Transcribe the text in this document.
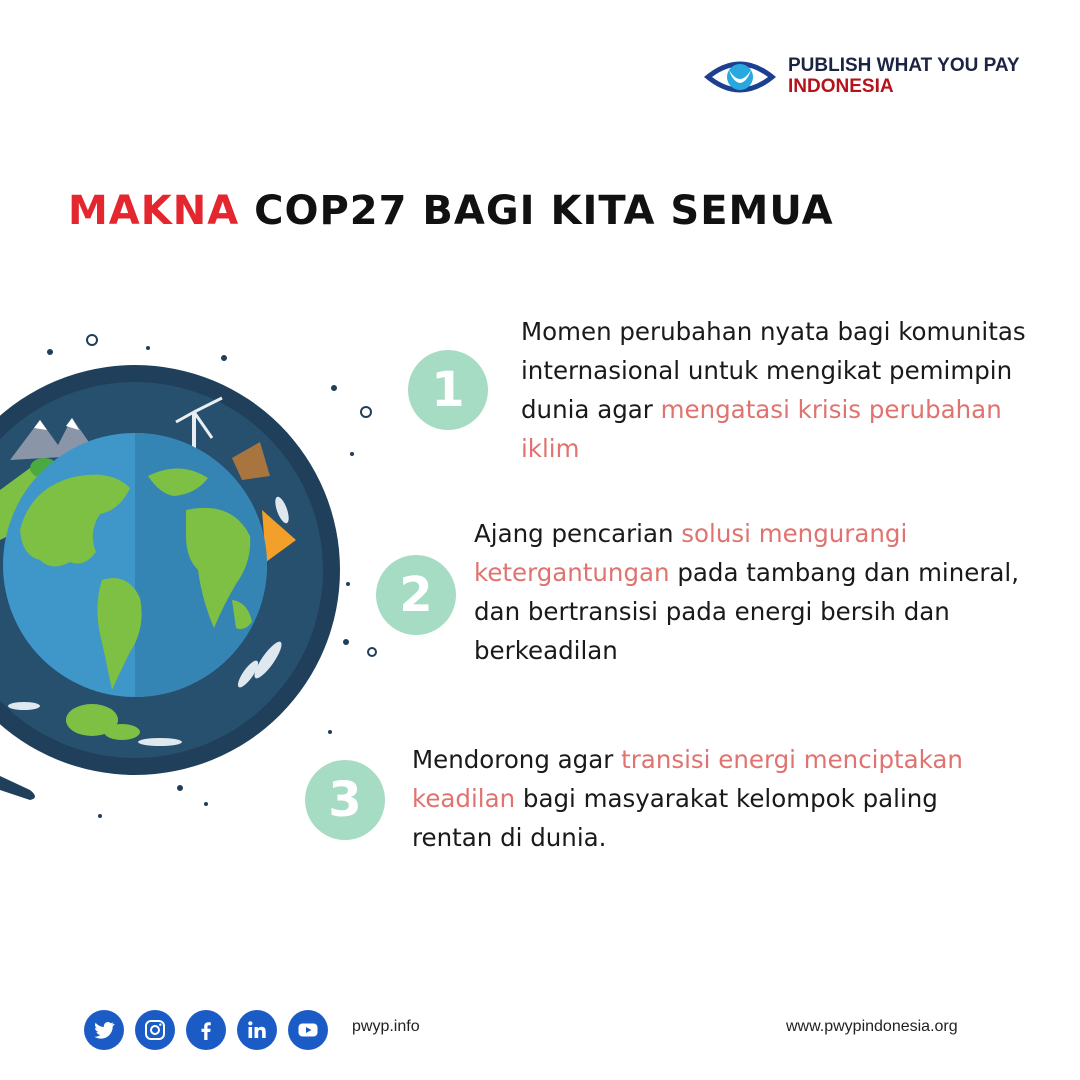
PUBLISH WHAT YOU PAY
INDONESIA
MAKNA COP27 BAGI KITA SEMUA
1

Momen perubahan nyata bagi komunitas internasional untuk mengikat pemimpin dunia agar mengatasi krisis perubahan iklim

2

Ajang pencarian solusi mengurangi ketergantungan pada tambang dan mineral, dan bertransisi pada energi bersih dan berkeadilan

3

Mendorong agar transisi energi menciptakan keadilan bagi masyarakat kelompok paling rentan di dunia.

pwyp.info	www.pwypindonesia.org
